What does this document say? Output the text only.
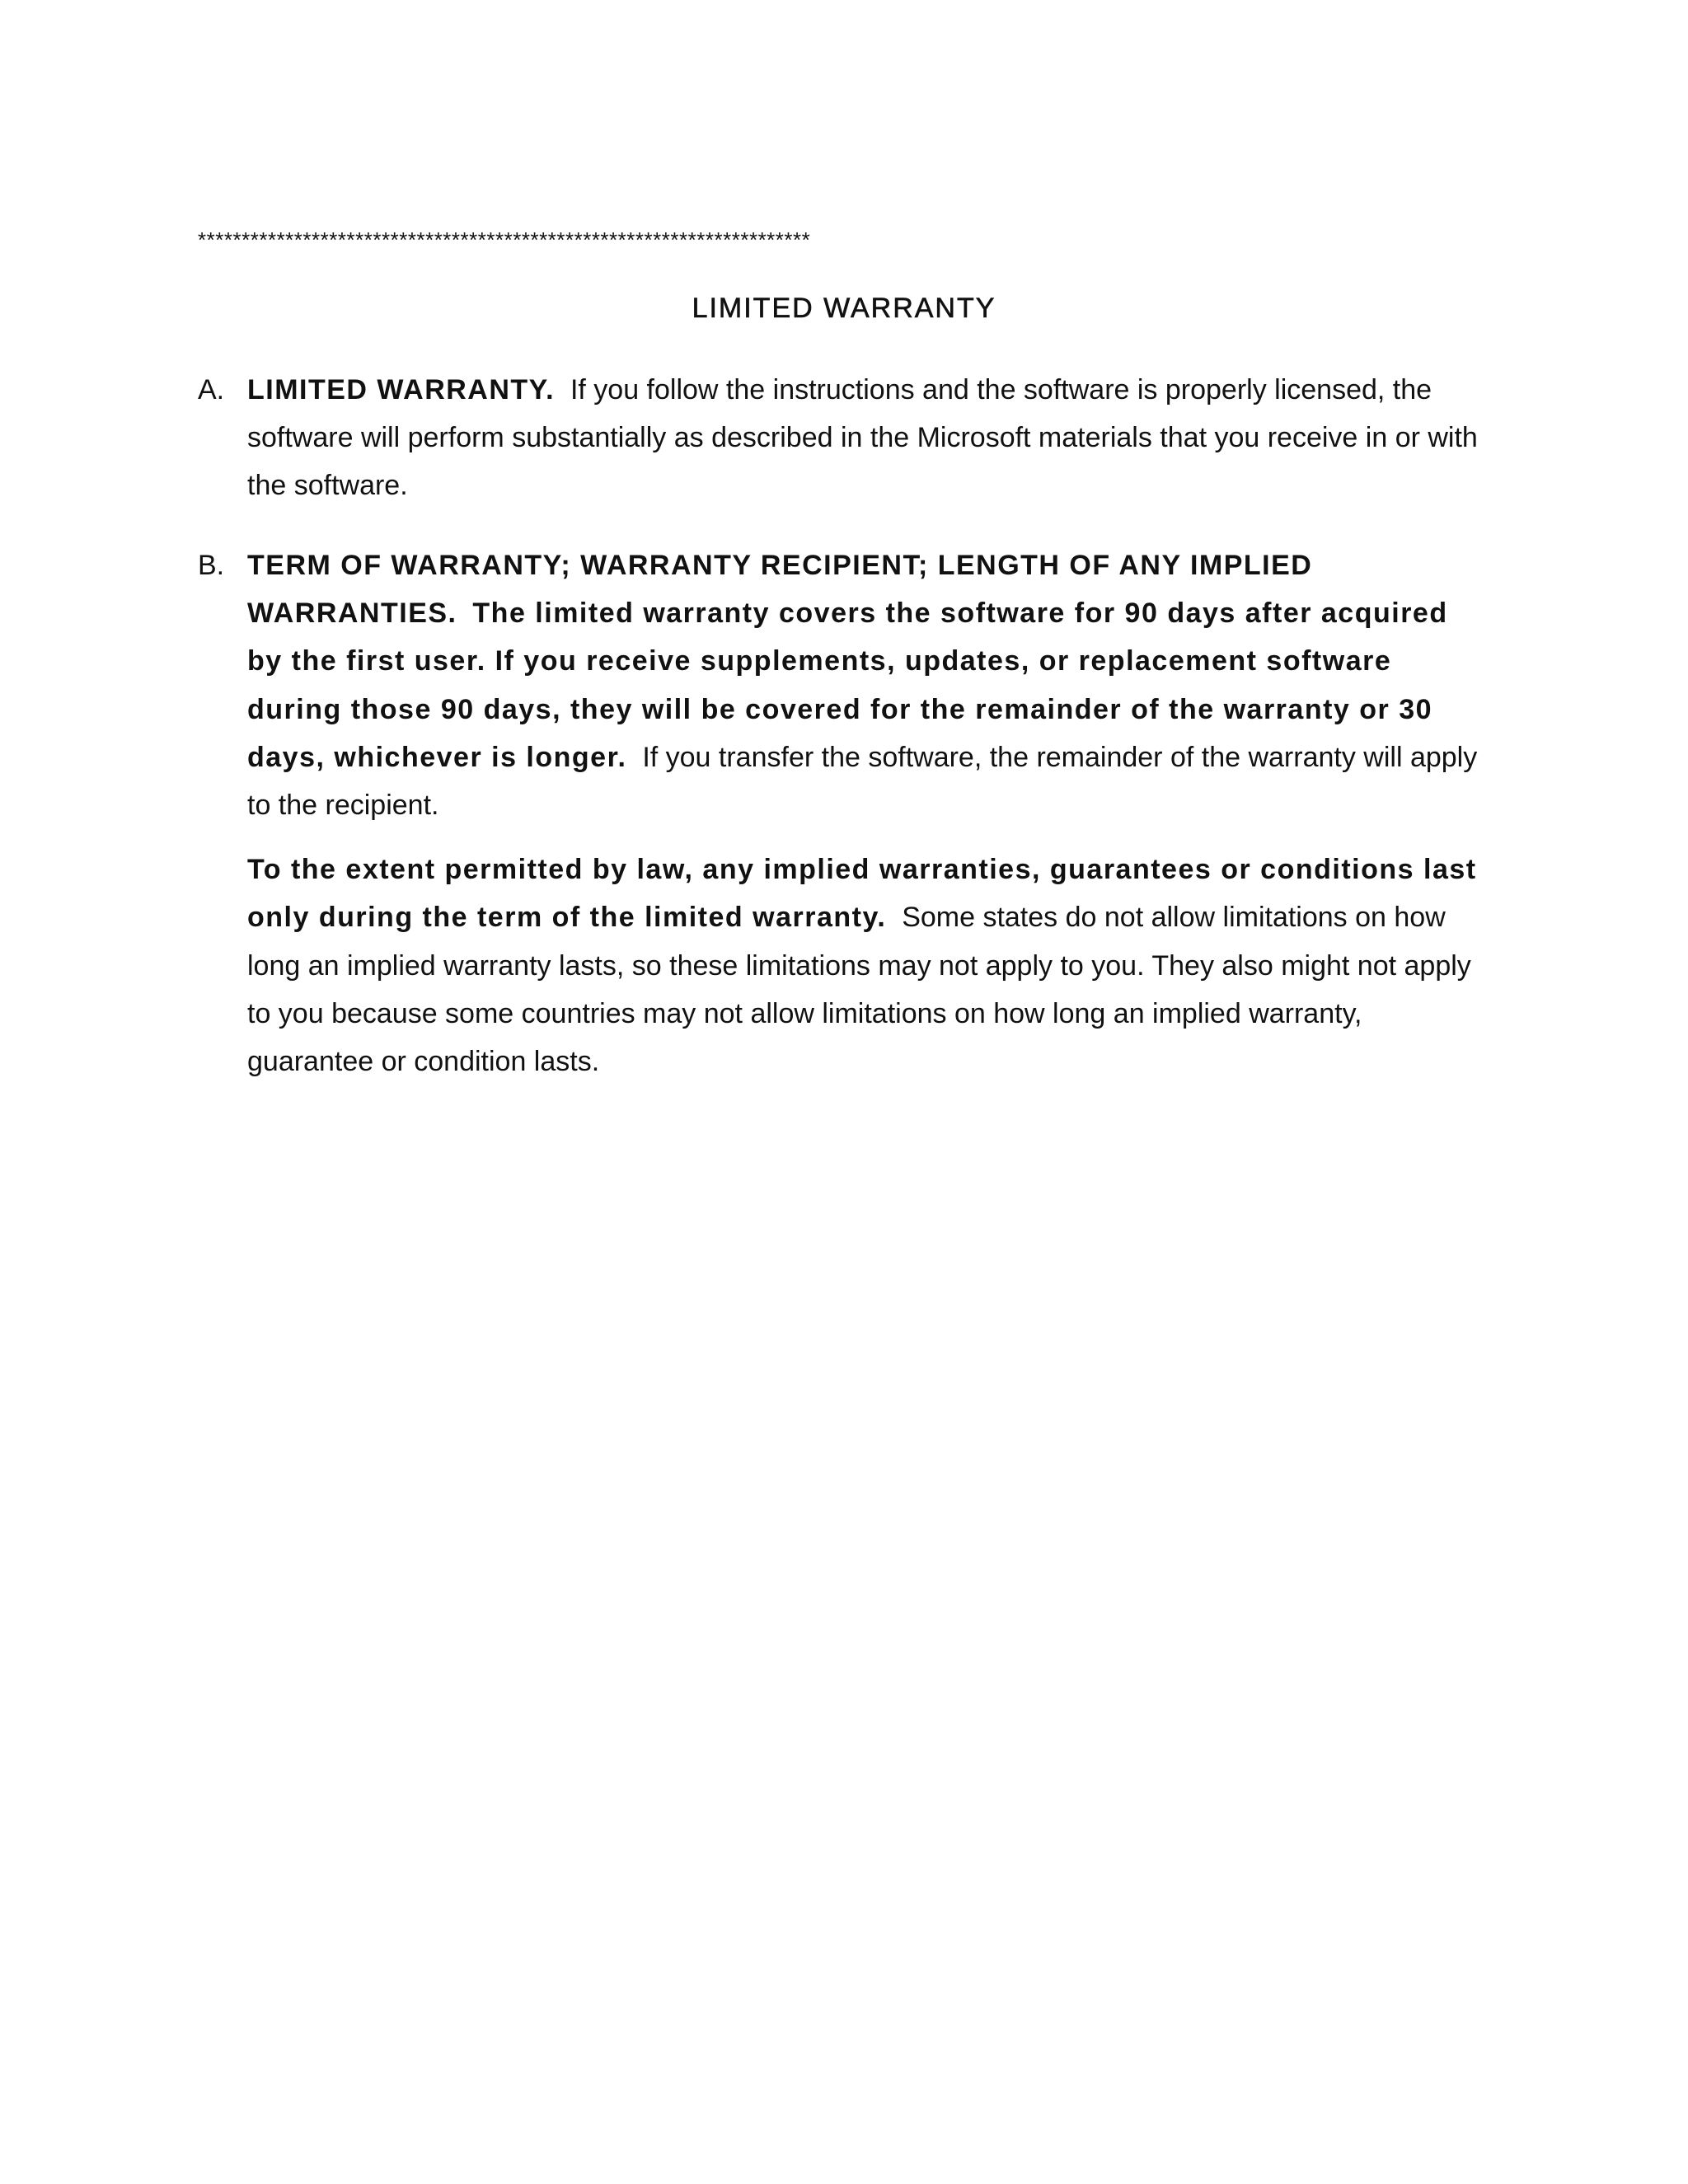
**********************************************************************
LIMITED WARRANTY
A. LIMITED WARRANTY. If you follow the instructions and the software is properly licensed, the software will perform substantially as described in the Microsoft materials that you receive in or with the software.

B. TERM OF WARRANTY; WARRANTY RECIPIENT; LENGTH OF ANY IMPLIED WARRANTIES. The limited warranty covers the software for 90 days after acquired by the first user. If you receive supplements, updates, or replacement software during those 90 days, they will be covered for the remainder of the warranty or 30 days, whichever is longer. If you transfer the software, the remainder of the warranty will apply to the recipient.

To the extent permitted by law, any implied warranties, guarantees or conditions last only during the term of the limited warranty. Some states do not allow limitations on how long an implied warranty lasts, so these limitations may not apply to you. They also might not apply to you because some countries may not allow limitations on how long an implied warranty, guarantee or condition lasts.
